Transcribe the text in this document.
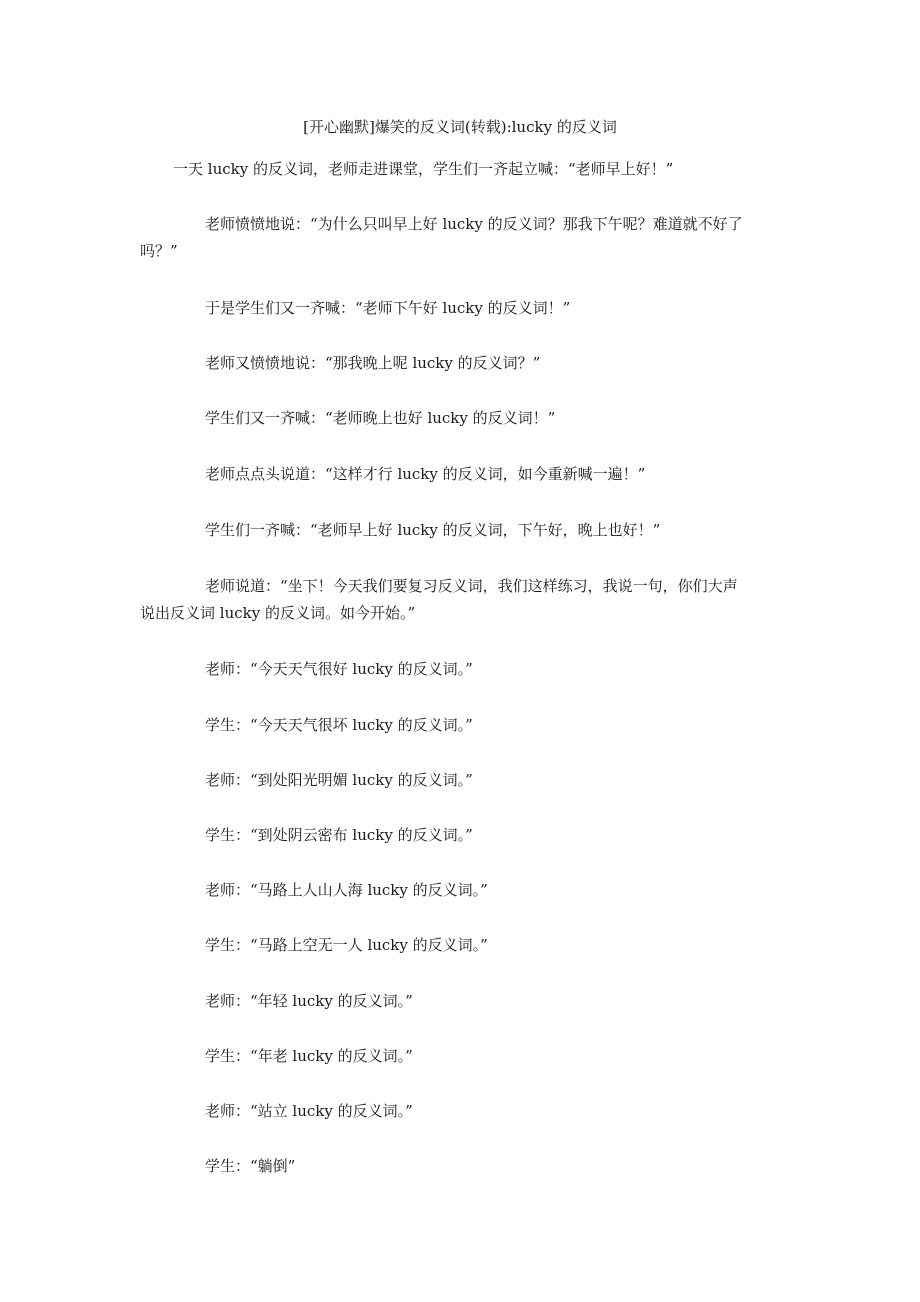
[开心幽默]爆笑的反义词(转载):lucky 的反义词
一天 lucky 的反义词，老师走进课堂，学生们一齐起立喊：“老师早上好！”
老师愤愤地说：“为什么只叫早上好 lucky 的反义词？那我下午呢？难道就不好了
吗？”
于是学生们又一齐喊：“老师下午好 lucky 的反义词！”
老师又愤愤地说：“那我晚上呢 lucky 的反义词？”
学生们又一齐喊：“老师晚上也好 lucky 的反义词！”
老师点点头说道：“这样才行 lucky 的反义词，如今重新喊一遍！”
学生们一齐喊：“老师早上好 lucky 的反义词，下午好，晚上也好！”
老师说道：“坐下！今天我们要复习反义词，我们这样练习，我说一句，你们大声
说出反义词 lucky 的反义词。如今开始。”
老师：“今天天气很好 lucky 的反义词。”
学生：“今天天气很坏 lucky 的反义词。”
老师：“到处阳光明媚 lucky 的反义词。”
学生：“到处阴云密布 lucky 的反义词。”
老师：“马路上人山人海 lucky 的反义词。”
学生：“马路上空无一人 lucky 的反义词。”
老师：“年轻 lucky 的反义词。”
学生：“年老 lucky 的反义词。”
老师：“站立 lucky 的反义词。”
学生：“躺倒”
